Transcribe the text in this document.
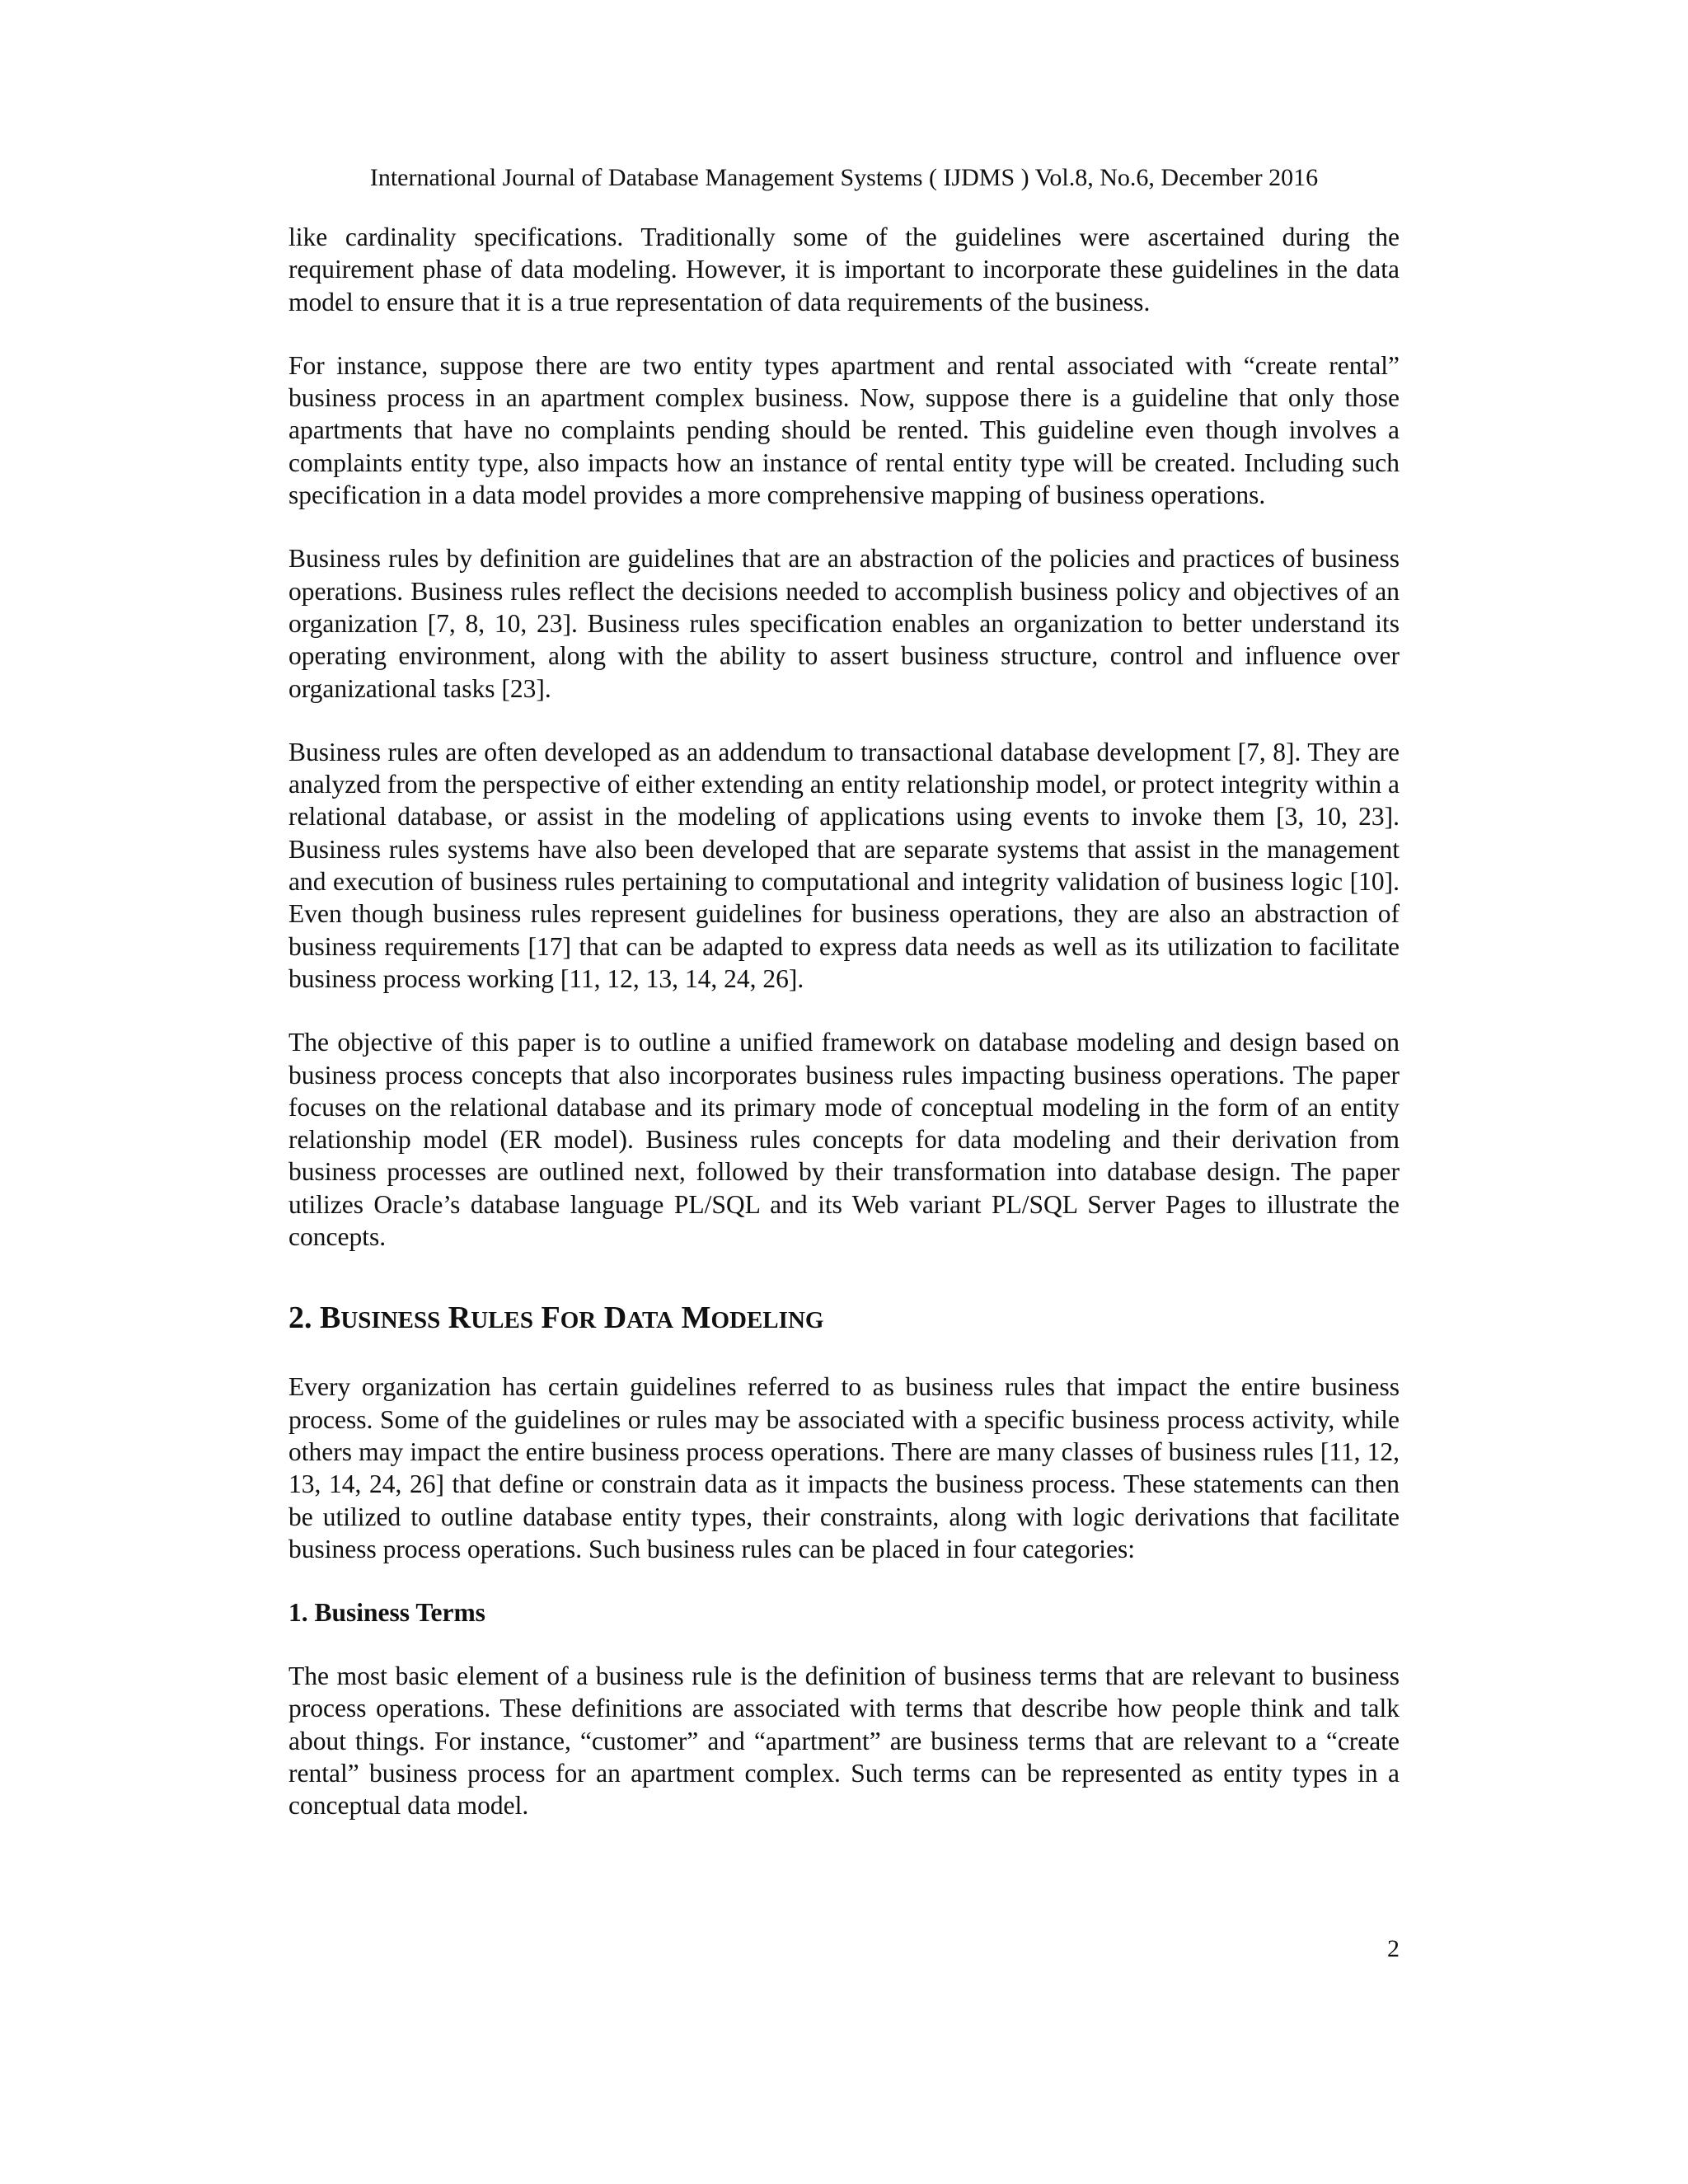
International Journal of Database Management Systems ( IJDMS ) Vol.8, No.6, December 2016

like cardinality specifications. Traditionally some of the guidelines were ascertained during the requirement phase of data modeling. However, it is important to incorporate these guidelines in the data model to ensure that it is a true representation of data requirements of the business.

For instance, suppose there are two entity types apartment and rental associated with “create rental” business process in an apartment complex business. Now, suppose there is a guideline that only those apartments that have no complaints pending should be rented. This guideline even though involves a complaints entity type, also impacts how an instance of rental entity type will be created. Including such specification in a data model provides a more comprehensive mapping of business operations.

Business rules by definition are guidelines that are an abstraction of the policies and practices of business operations. Business rules reflect the decisions needed to accomplish business policy and objectives of an organization [7, 8, 10, 23]. Business rules specification enables an organization to better understand its operating environment, along with the ability to assert business structure, control and influence over organizational tasks [23].

Business rules are often developed as an addendum to transactional database development [7, 8]. They are analyzed from the perspective of either extending an entity relationship model, or protect integrity within a relational database, or assist in the modeling of applications using events to invoke them [3, 10, 23]. Business rules systems have also been developed that are separate systems that assist in the management and execution of business rules pertaining to computational and integrity validation of business logic [10]. Even though business rules represent guidelines for business operations, they are also an abstraction of business requirements [17] that can be adapted to express data needs as well as its utilization to facilitate business process working [11, 12, 13, 14, 24, 26].

The objective of this paper is to outline a unified framework on database modeling and design based on business process concepts that also incorporates business rules impacting business operations. The paper focuses on the relational database and its primary mode of conceptual modeling in the form of an entity relationship model (ER model). Business rules concepts for data modeling and their derivation from business processes are outlined next, followed by their transformation into database design. The paper utilizes Oracle’s database language PL/SQL and its Web variant PL/SQL Server Pages to illustrate the concepts.

2. BUSINESS RULES FOR DATA MODELING

Every organization has certain guidelines referred to as business rules that impact the entire business process. Some of the guidelines or rules may be associated with a specific business process activity, while others may impact the entire business process operations. There are many classes of business rules [11, 12, 13, 14, 24, 26] that define or constrain data as it impacts the business process. These statements can then be utilized to outline database entity types, their constraints, along with logic derivations that facilitate business process operations. Such business rules can be placed in four categories:

1. Business Terms

The most basic element of a business rule is the definition of business terms that are relevant to business process operations. These definitions are associated with terms that describe how people think and talk about things. For instance, “customer” and “apartment” are business terms that are relevant to a “create rental” business process for an apartment complex. Such terms can be represented as entity types in a conceptual data model.

2
